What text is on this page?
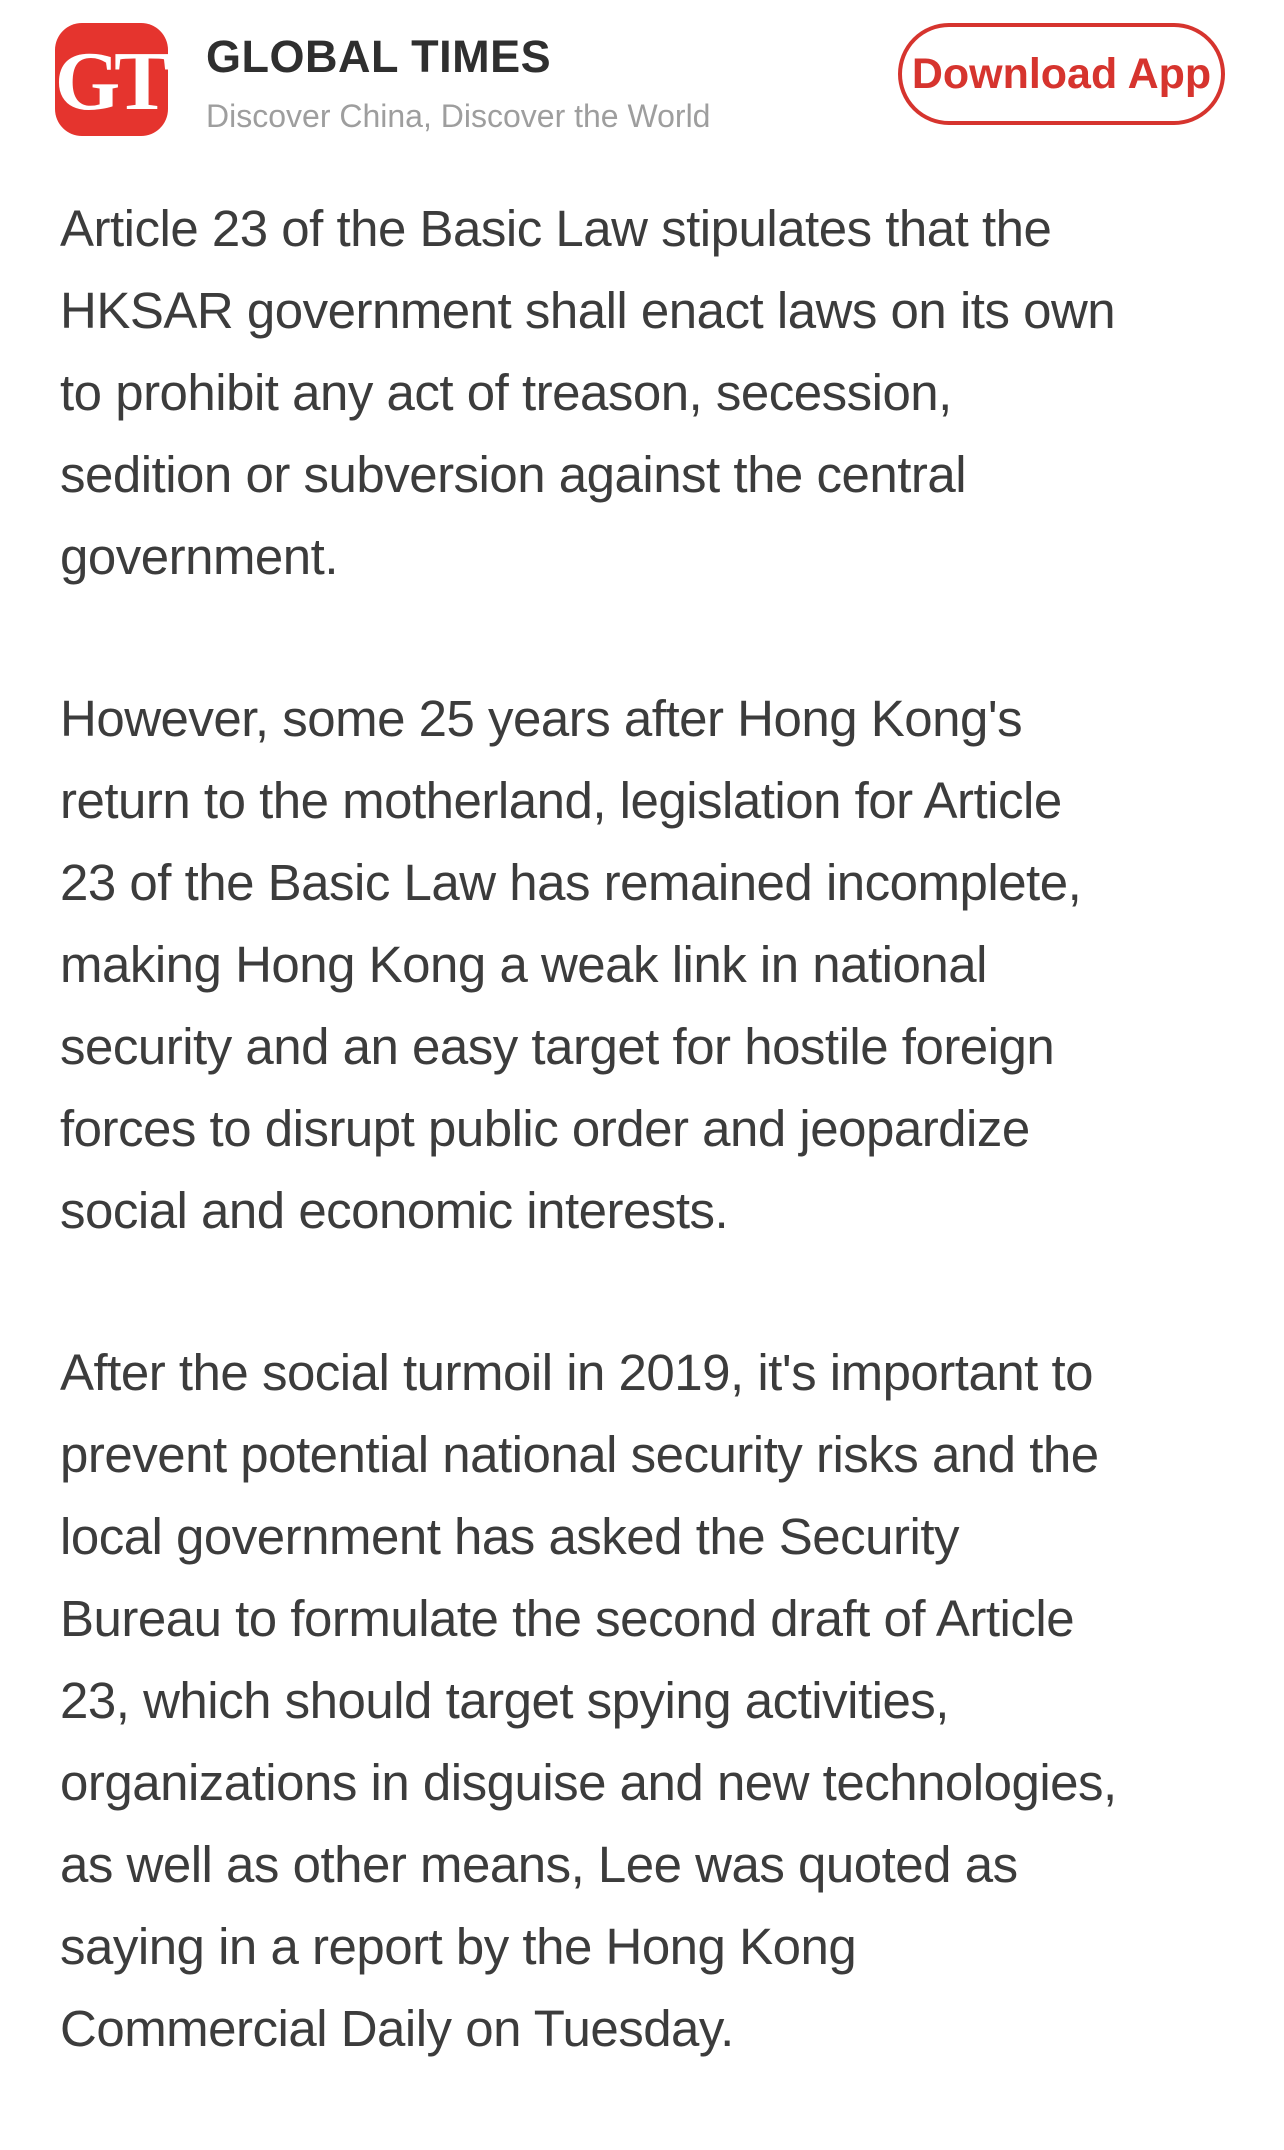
GT GLOBAL TIMES
Discover China, Discover the World
Download App
Article 23 of the Basic Law stipulates that the
HKSAR government shall enact laws on its own
to prohibit any act of treason, secession,
sedition or subversion against the central
government.
However, some 25 years after Hong Kong's
return to the motherland, legislation for Article
23 of the Basic Law has remained incomplete,
making Hong Kong a weak link in national
security and an easy target for hostile foreign
forces to disrupt public order and jeopardize
social and economic interests.
After the social turmoil in 2019, it's important to
prevent potential national security risks and the
local government has asked the Security
Bureau to formulate the second draft of Article
23, which should target spying activities,
organizations in disguise and new technologies,
as well as other means, Lee was quoted as
saying in a report by the Hong Kong
Commercial Daily on Tuesday.
